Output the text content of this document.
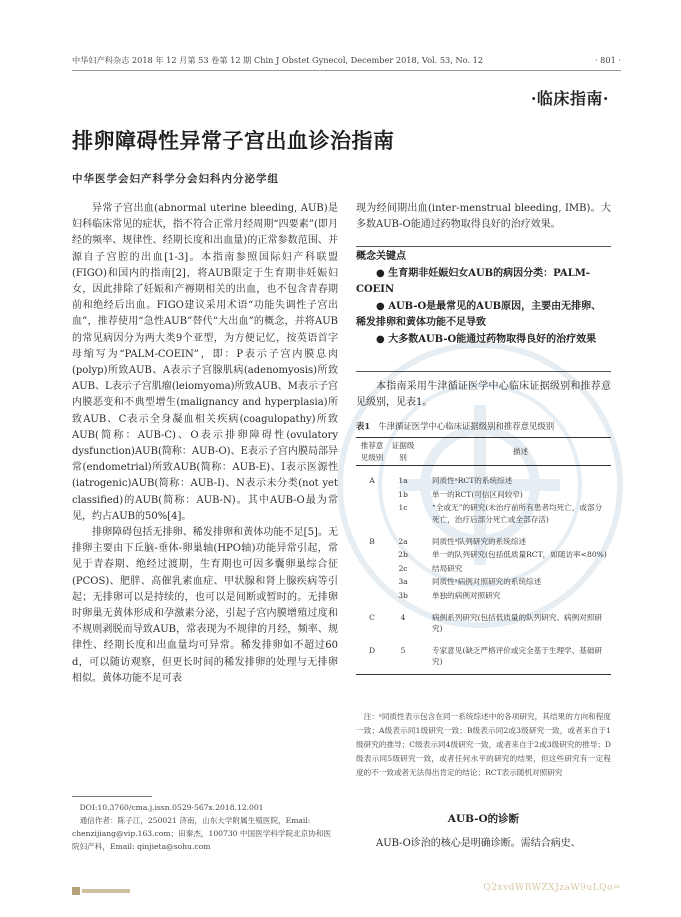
中华妇产科杂志 2018 年 12 月第 53 卷第 12 期 Chin J Obstet Gynecol, December 2018, Vol. 53, No. 12	· 801 ·
·临床指南·
排卵障碍性异常子宫出血诊治指南
中华医学会妇产科学分会妇科内分泌学组

异常子宫出血(abnormal uterine bleeding, AUB)是妇科临床常见的症状，指不符合正常月经周期“四要素”(即月经的频率、规律性、经期长度和出血量)的正常参数范围、并源自子宫腔的出血[1-3]。本指南参照国际妇产科联盟(FIGO)和国内的指南[2]，将AUB限定于生育期非妊娠妇女，因此排除了妊娠和产褥期相关的出血，也不包含青春期前和绝经后出血。FIGO建议采用术语“功能失调性子宫出血”，推荐使用“急性AUB”替代“大出血”的概念，并将AUB的常见病因分为两大类9个亚型，为方便记忆，按英语首字母缩写为“PALM-COEIN”，即：P表示子宫内膜息肉(polyp)所致AUB、A表示子宫腺肌病(adenomyosis)所致AUB、L表示子宫肌瘤(leiomyoma)所致AUB、M表示子宫内膜恶变和不典型增生(malignancy and hyperplasia)所致AUB、C表示全身凝血相关疾病(coagulopathy)所致AUB(简称：AUB-C)、O表示排卵障碍性(ovulatory dysfunction)AUB(简称：AUB-O)、E表示子宫内膜局部异常(endometrial)所致AUB(简称：AUB-E)、I表示医源性(iatrogenic)AUB(简称：AUB-I)、N表示未分类(not yet classified)的AUB(简称：AUB-N)。其中AUB-O最为常见，约占AUB的50%[4]。

排卵障碍包括无排卵、稀发排卵和黄体功能不足[5]。无排卵主要由下丘脑-垂体-卵巢轴(HPO轴)功能异常引起，常见于青春期、绝经过渡期，生育期也可因多囊卵巢综合征(PCOS)、肥胖、高催乳素血症、甲状腺和肾上腺疾病等引起；无排卵可以是持续的，也可以是间断或暂时的。无排卵时卵巢无黄体形成和孕激素分泌，引起子宫内膜增殖过度和不规则剥脱而导致AUB，常表现为不规律的月经，频率、规律性、经期长度和出血量均可异常。稀发排卵如不超过60 d，可以随访观察，但更长时间的稀发排卵的处理与无排卵相似。黄体功能不足可表

DOI:10.3760/cma.j.issn.0529-567x.2018.12.001
通信作者：陈子江，250021 济南，山东大学附属生殖医院，Email: chenzijiang@vip.163.com；田秦杰，100730 中国医学科学院北京协和医院妇产科，Email: qinjieta@sohu.com

现为经间期出血(inter-menstrual bleeding, IMB)。大多数AUB-O能通过药物取得良好的治疗效果。

概念关键点
● 生育期非妊娠妇女AUB的病因分类：PALM-COEIN
● AUB-O是最常见的AUB原因，主要由无排卵、稀发排卵和黄体功能不足导致
● 大多数AUB-O能通过药物取得良好的治疗效果
本指南采用牛津循证医学中心临床证据级别和推荐意见级别，见表1。
表1 牛津循证医学中心临床证据级别和推荐意见级别
推荐意见级别	证据级别	描述
A	1a	同质性ᵃRCT的系统综述
	1b	单一的RCT(可信区间较窄)
	1c	“全或无”的研究(未治疗前所有患者均死亡，或部分死亡，治疗后部分死亡或全部存活)
B	2a	同质性ᵃ队列研究的系统综述
	2b	单一的队列研究(包括低质量RCT，如随访率<80%)
	2c	结局研究
	3a	同质性ᵃ病例对照研究的系统综述
	3b	单独的病例对照研究
C	4	病例系列研究(包括低质量的队列研究、病例对照研究)
D	5	专家意见(缺乏严格评价或完全基于生理学、基础研究)
注：ᵃ同质性表示包含在同一系统综述中的各项研究，其结果的方向和程度一致；A级表示同1级研究一致；B级表示同2或3级研究一致，或者来自于1级研究的推导；C级表示同4级研究一致，或者来自于2或3级研究的推导；D级表示同5级研究一致，或者任何水平的研究的结果，但这些研究有一定程度的不一致或者无法得出肯定的结论；RCT表示随机对照研究
AUB-O的诊断
AUB-O诊治的核心是明确诊断。需结合病史、
Q2xvdWRWZXJzaW9uLQo=
